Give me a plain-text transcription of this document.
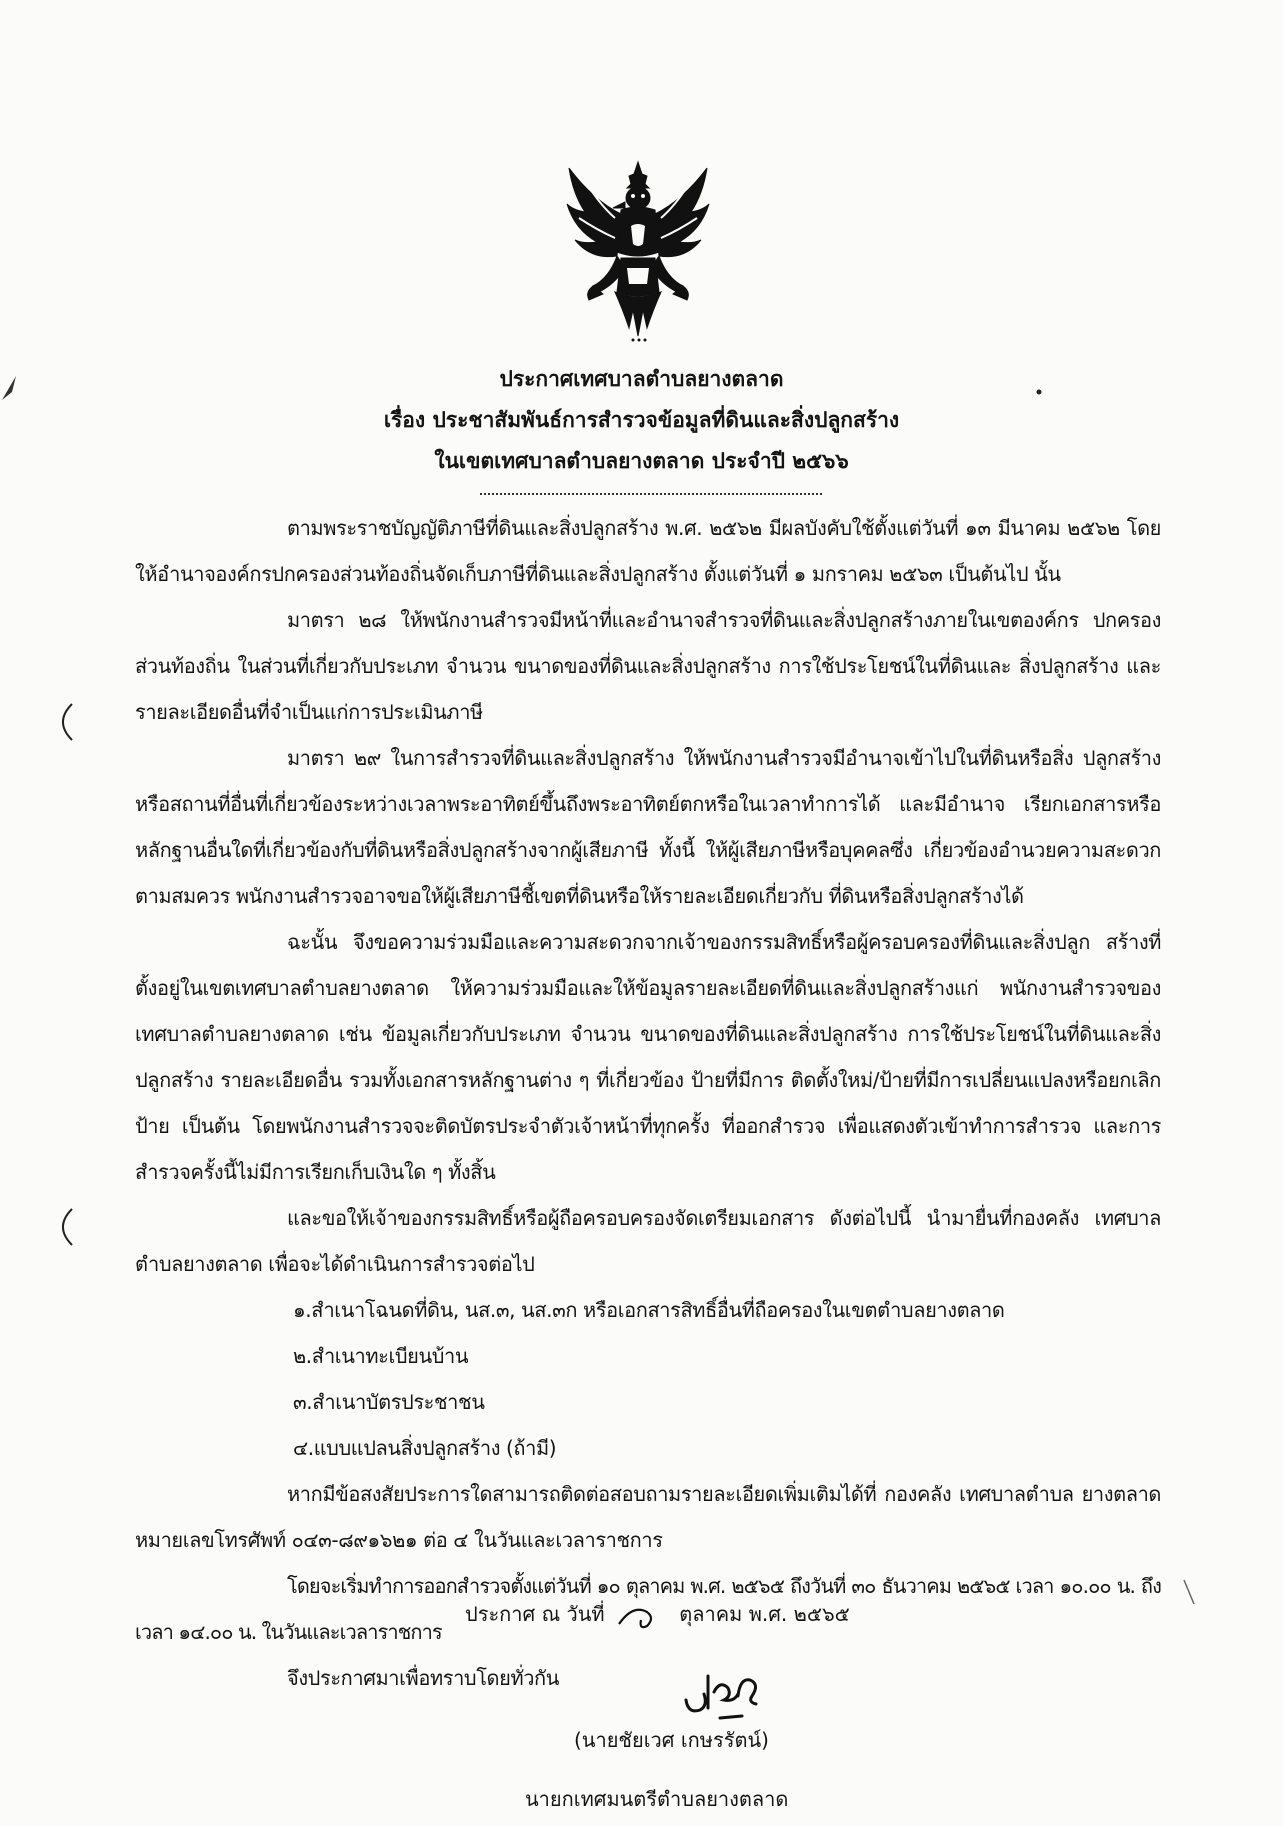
ประกาศเทศบาลตำบลยางตลาด
เรื่อง ประชาสัมพันธ์การสำรวจข้อมูลที่ดินและสิ่งปลูกสร้าง
ในเขตเทศบาลตำบลยางตลาด ประจำปี ๒๕๖๖

ตามพระราชบัญญัติภาษีที่ดินและสิ่งปลูกสร้าง พ.ศ. ๒๕๖๒ มีผลบังคับใช้ตั้งแต่วันที่ ๑๓ มีนาคม ๒๕๖๒ โดยให้อำนาจองค์กรปกครองส่วนท้องถิ่นจัดเก็บภาษีที่ดินและสิ่งปลูกสร้าง ตั้งแต่วันที่ ๑ มกราคม ๒๕๖๓ เป็นต้นไป นั้น

มาตรา ๒๘ ให้พนักงานสำรวจมีหน้าที่และอำนาจสำรวจที่ดินและสิ่งปลูกสร้างภายในเขตองค์กร ปกครองส่วนท้องถิ่น ในส่วนที่เกี่ยวกับประเภท จำนวน ขนาดของที่ดินและสิ่งปลูกสร้าง การใช้ประโยชน์ในที่ดินและ สิ่งปลูกสร้าง และรายละเอียดอื่นที่จำเป็นแก่การประเมินภาษี

มาตรา ๒๙ ในการสำรวจที่ดินและสิ่งปลูกสร้าง ให้พนักงานสำรวจมีอำนาจเข้าไปในที่ดินหรือสิ่ง ปลูกสร้างหรือสถานที่อื่นที่เกี่ยวข้องระหว่างเวลาพระอาทิตย์ขึ้นถึงพระอาทิตย์ตกหรือในเวลาทำการได้ และมีอำนาจ เรียกเอกสารหรือหลักฐานอื่นใดที่เกี่ยวข้องกับที่ดินหรือสิ่งปลูกสร้างจากผู้เสียภาษี ทั้งนี้ ให้ผู้เสียภาษีหรือบุคคลซึ่ง เกี่ยวข้องอำนวยความสะดวกตามสมควร พนักงานสำรวจอาจขอให้ผู้เสียภาษีชี้เขตที่ดินหรือให้รายละเอียดเกี่ยวกับ ที่ดินหรือสิ่งปลูกสร้างได้

ฉะนั้น จึงขอความร่วมมือและความสะดวกจากเจ้าของกรรมสิทธิ์หรือผู้ครอบครองที่ดินและสิ่งปลูก สร้างที่ตั้งอยู่ในเขตเทศบาลตำบลยางตลาด ให้ความร่วมมือและให้ข้อมูลรายละเอียดที่ดินและสิ่งปลูกสร้างแก่ พนักงานสำรวจของเทศบาลตำบลยางตลาด เช่น ข้อมูลเกี่ยวกับประเภท จำนวน ขนาดของที่ดินและสิ่งปลูกสร้าง การใช้ประโยชน์ในที่ดินและสิ่งปลูกสร้าง รายละเอียดอื่น รวมทั้งเอกสารหลักฐานต่าง ๆ ที่เกี่ยวข้อง ป้ายที่มีการ ติดตั้งใหม่/ป้ายที่มีการเปลี่ยนแปลงหรือยกเลิกป้าย เป็นต้น โดยพนักงานสำรวจจะติดบัตรประจำตัวเจ้าหน้าที่ทุกครั้ง ที่ออกสำรวจ เพื่อแสดงตัวเข้าทำการสำรวจ และการสำรวจครั้งนี้ไม่มีการเรียกเก็บเงินใด ๆ ทั้งสิ้น

และขอให้เจ้าของกรรมสิทธิ์หรือผู้ถือครอบครองจัดเตรียมเอกสาร ดังต่อไปนี้ นำมายื่นที่กองคลัง เทศบาลตำบลยางตลาด เพื่อจะได้ดำเนินการสำรวจต่อไป

๑.สำเนาโฉนดที่ดิน, นส.๓, นส.๓ก หรือเอกสารสิทธิ์อื่นที่ถือครองในเขตตำบลยางตลาด

๒.สำเนาทะเบียนบ้าน

๓.สำเนาบัตรประชาชน

๔.แบบแปลนสิ่งปลูกสร้าง (ถ้ามี)

หากมีข้อสงสัยประการใดสามารถติดต่อสอบถามรายละเอียดเพิ่มเติมได้ที่ กองคลัง เทศบาลตำบล ยางตลาด หมายเลขโทรศัพท์ ๐๔๓-๘๙๑๖๒๑ ต่อ ๔ ในวันและเวลาราชการ

โดยจะเริ่มทำการออกสำรวจตั้งแต่วันที่ ๑๐ ตุลาคม พ.ศ. ๒๕๖๕ ถึงวันที่ ๓๐ ธันวาคม ๒๕๖๕ เวลา ๑๐.๐๐ น. ถึงเวลา ๑๔.๐๐ น. ในวันและเวลาราชการ

จึงประกาศมาเพื่อทราบโดยทั่วกัน

ประกาศ ณ วันที่	ตุลาคม พ.ศ. ๒๕๖๕
(นายชัยเวศ เกษรรัตน์)
นายกเทศมนตรีตำบลยางตลาด
